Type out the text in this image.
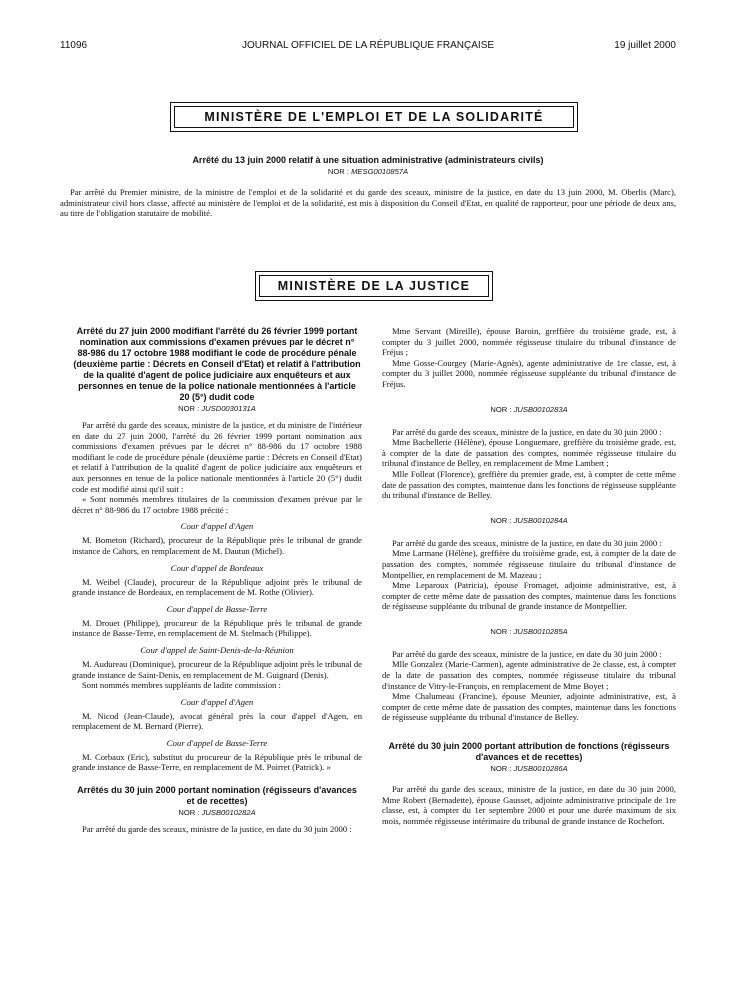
11096	JOURNAL OFFICIEL DE LA RÉPUBLIQUE FRANÇAISE	19 juillet 2000
MINISTÈRE DE L'EMPLOI ET DE LA SOLIDARITÉ
Arrêté du 13 juin 2000 relatif à une situation administrative (administrateurs civils)
NOR : MESG0010857A

Par arrêté du Premier ministre, de la ministre de l'emploi et de la solidarité et du garde des sceaux, ministre de la justice, en date du 13 juin 2000, M. Oberlis (Marc), administrateur civil hors classe, affecté au ministère de l'emploi et de la solidarité, est mis à disposition du Conseil d'Etat, en qualité de rapporteur, pour une période de deux ans, au titre de l'obligation statutaire de mobilité.

MINISTÈRE DE LA JUSTICE
Arrêté du 27 juin 2000 modifiant l'arrêté du 26 février 1999 portant nomination aux commissions d'examen prévues par le décret n° 88-986 du 17 octobre 1988 modifiant le code de procédure pénale (deuxième partie : Décrets en Conseil d'Etat) et relatif à l'attribution de la qualité d'agent de police judiciaire aux enquêteurs et aux personnes en tenue de la police nationale mentionnées à l'article 20 (5°) dudit code
NOR : JUSD0030131A

Par arrêté du garde des sceaux, ministre de la justice, et du ministre de l'intérieur en date du 27 juin 2000, l'arrêté du 26 février 1999 portant nomination aux commissions d'examen prévues par le décret n° 88-986 du 17 octobre 1988 modifiant le code de procédure pénale (deuxième partie : Décrets en Conseil d'Etat) et relatif à l'attribution de la qualité d'agent de police judiciaire aux enquêteurs et aux personnes en tenue de la police nationale mentionnées à l'article 20 (5°) dudit code est modifié ainsi qu'il suit :

« Sont nommés membres titulaires de la commission d'examen prévue par le décret n° 88-986 du 17 octobre 1988 précité :

Cour d'appel d'Agen

M. Bometon (Richard), procureur de la République près le tribunal de grande instance de Cahors, en remplacement de M. Dautun (Michel).

Cour d'appel de Bordeaux

M. Weibel (Claude), procureur de la République adjoint près le tribunal de grande instance de Bordeaux, en remplacement de M. Rothe (Olivier).

Cour d'appel de Basse-Terre

M. Drouet (Philippe), procureur de la République près le tribunal de grande instance de Basse-Terre, en remplacement de M. Stelmach (Philippe).

Cour d'appel de Saint-Denis-de-la-Réunion

M. Audureau (Dominique), procureur de la République adjoint près le tribunal de grande instance de Saint-Denis, en remplacement de M. Guignard (Denis).

Sont nommés membres suppléants de ladite commission :

Cour d'appel d'Agen

M. Nicod (Jean-Claude), avocat général près la cour d'appel d'Agen, en remplacement de M. Bernard (Pierre).

Cour d'appel de Basse-Terre

M. Corbaux (Eric), substitut du procureur de la République près le tribunal de grande instance de Basse-Terre, en remplacement de M. Poirret (Patrick). »

Arrêtés du 30 juin 2000 portant nomination (régisseurs d'avances et de recettes)
NOR : JUSB0010282A

Par arrêté du garde des sceaux, ministre de la justice, en date du 30 juin 2000 :

Mme Servant (Mireille), épouse Baroin, greffière du troisième grade, est, à compter du 3 juillet 2000, nommée régisseuse titulaire du tribunal d'instance de Fréjus ;

Mme Gosse-Courgey (Marie-Agnès), agente administrative de 1re classe, est, à compter du 3 juillet 2000, nommée régisseuse suppléante du tribunal d'instance de Fréjus.

NOR : JUSB0010283A

Par arrêté du garde des sceaux, ministre de la justice, en date du 30 juin 2000 :

Mme Bachellerie (Hélène), épouse Longuemare, greffière du troisième grade, est, à compter de la date de passation des comptes, nommée régisseuse titulaire du tribunal d'instance de Belley, en remplacement de Mme Lambert ;

Mlle Folleat (Florence), greffière du premier grade, est, à compter de cette même date de passation des comptes, maintenue dans les fonctions de régisseuse suppléante du tribunal d'instance de Belley.

NOR : JUSB0010284A

Par arrêté du garde des sceaux, ministre de la justice, en date du 30 juin 2000 :

Mme Larmane (Hélène), greffière du troisième grade, est, à compter de la date de passation des comptes, nommée régisseuse titulaire du tribunal d'instance de Montpellier, en remplacement de M. Mazeau ;

Mme Leparoux (Patricia), épouse Fromaget, adjointe administrative, est, à compter de cette même date de passation des comptes, maintenue dans les fonctions de régisseuse suppléante du tribunal de grande instance de Montpellier.

NOR : JUSB0010285A

Par arrêté du garde des sceaux, ministre de la justice, en date du 30 juin 2000 :

Mlle Gonzalez (Marie-Carmen), agente administrative de 2e classe, est, à compter de la date de passation des comptes, nommée régisseuse titulaire du tribunal d'instance de Vitry-le-François, en remplacement de Mme Boyet ;

Mme Chalumeau (Francine), épouse Meunier, adjointe administrative, est, à compter de cette même date de passation des comptes, maintenue dans les fonctions de régisseuse suppléante du tribunal d'instance de Belley.

Arrêté du 30 juin 2000 portant attribution de fonctions (régisseurs d'avances et de recettes)
NOR : JUSB0010286A

Par arrêté du garde des sceaux, ministre de la justice, en date du 30 juin 2000, Mme Robert (Bernadette), épouse Gausset, adjointe administrative principale de 1re classe, est, à compter du 1er septembre 2000 et pour une durée maximum de six mois, nommée régisseuse intérimaire du tribunal de grande instance de Rochefort.
